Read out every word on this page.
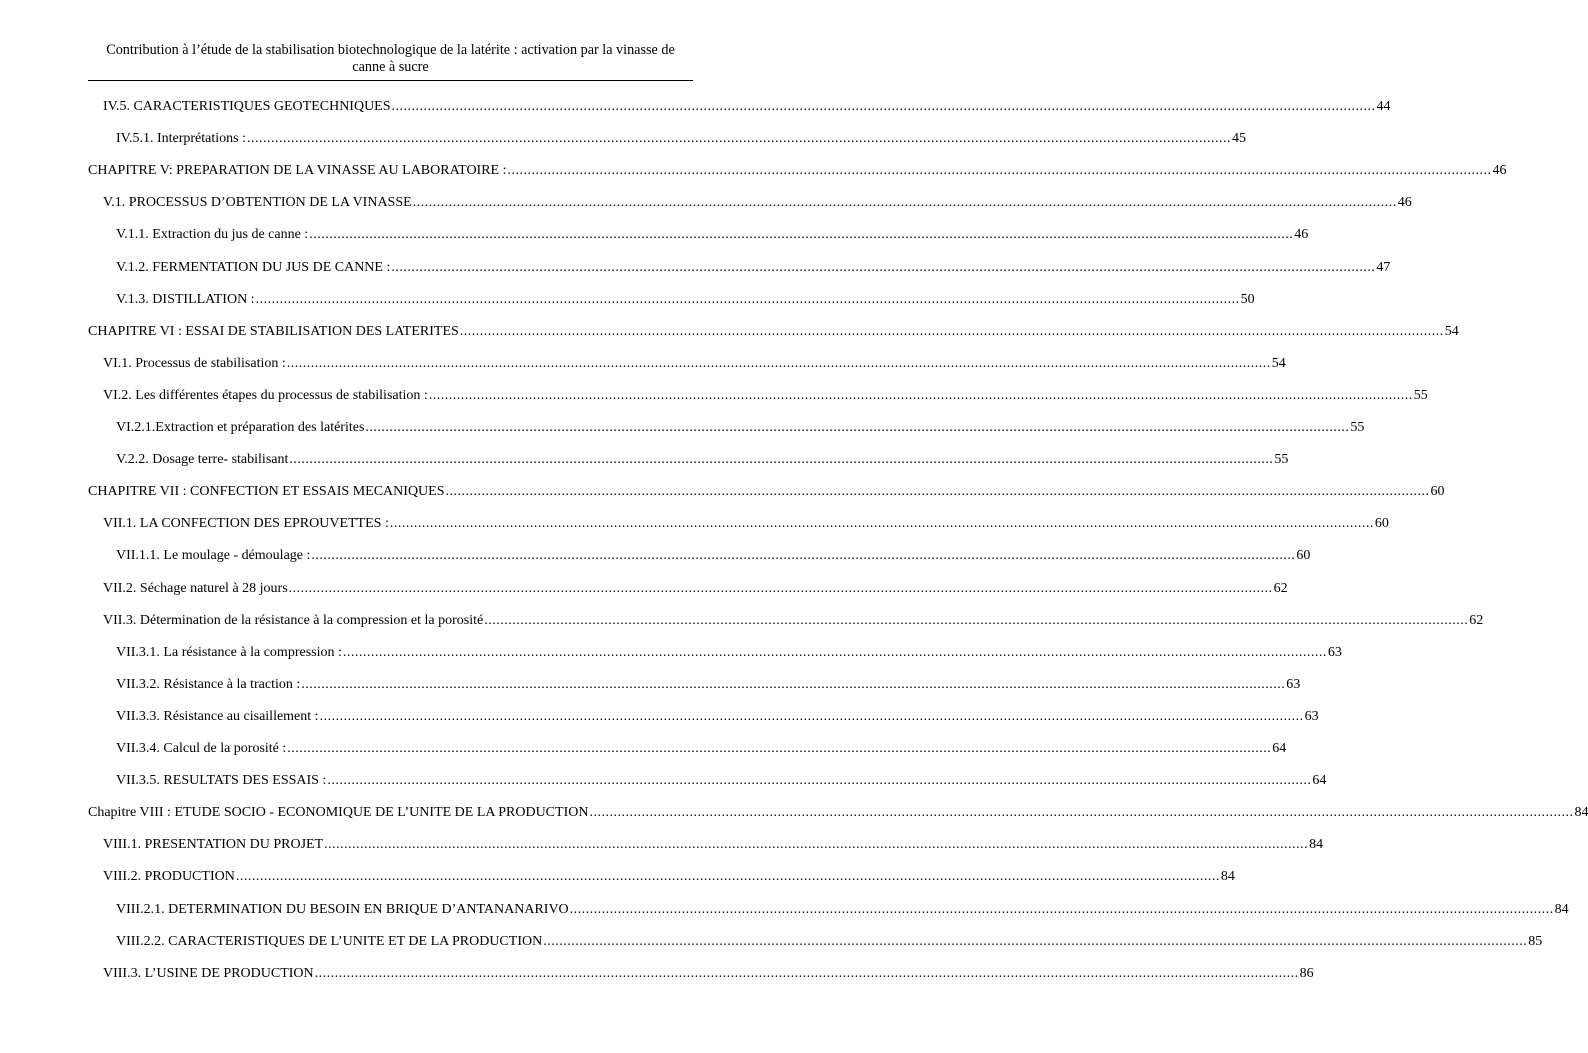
Contribution à l’étude de la stabilisation biotechnologique de la latérite : activation par la vinasse de
canne à sucre
IV.5. CARACTERISTIQUES GEOTECHNIQUES .....	44
IV.5.1. Interprétations : .....	45
CHAPITRE V: PREPARATION DE LA VINASSE AU LABORATOIRE : .....	46
V.1. PROCESSUS D’OBTENTION DE LA VINASSE .....	46
V.1.1. Extraction du jus de canne : .....	46
V.1.2. FERMENTATION DU JUS DE CANNE : .....	47
V.1.3. DISTILLATION : .....	50
CHAPITRE VI : ESSAI DE STABILISATION DES LATERITES .....	54
VI.1. Processus de stabilisation : .....	54
VI.2. Les différentes étapes du processus de stabilisation : .....	55
VI.2.1.Extraction et préparation des latérites .....	55
V.2.2. Dosage terre- stabilisant .....	55
CHAPITRE VII : CONFECTION ET ESSAIS MECANIQUES .....	60
VII.1. LA CONFECTION DES EPROUVETTES : .....	60
VII.1.1. Le moulage - démoulage : .....	60
VII.2. Séchage naturel à 28 jours .....	62
VII.3. Détermination de la résistance à la compression et la porosité .....	62
VII.3.1. La résistance à la compression : .....	63
VII.3.2. Résistance à la traction : .....	63
VII.3.3. Résistance au cisaillement : .....	63
VII.3.4. Calcul de la porosité : .....	64
VII.3.5. RESULTATS DES ESSAIS : .....	64
Chapitre VIII : ETUDE SOCIO - ECONOMIQUE DE L’UNITE DE LA PRODUCTION .....	84
VIII.1. PRESENTATION DU PROJET .....	84
VIII.2. PRODUCTION .....	84
VIII.2.1. DETERMINATION DU BESOIN EN BRIQUE D’ANTANANARIVO .....	84
VIII.2.2. CARACTERISTIQUES DE L’UNITE ET DE LA PRODUCTION .....	85
VIII.3. L’USINE DE PRODUCTION .....	86
